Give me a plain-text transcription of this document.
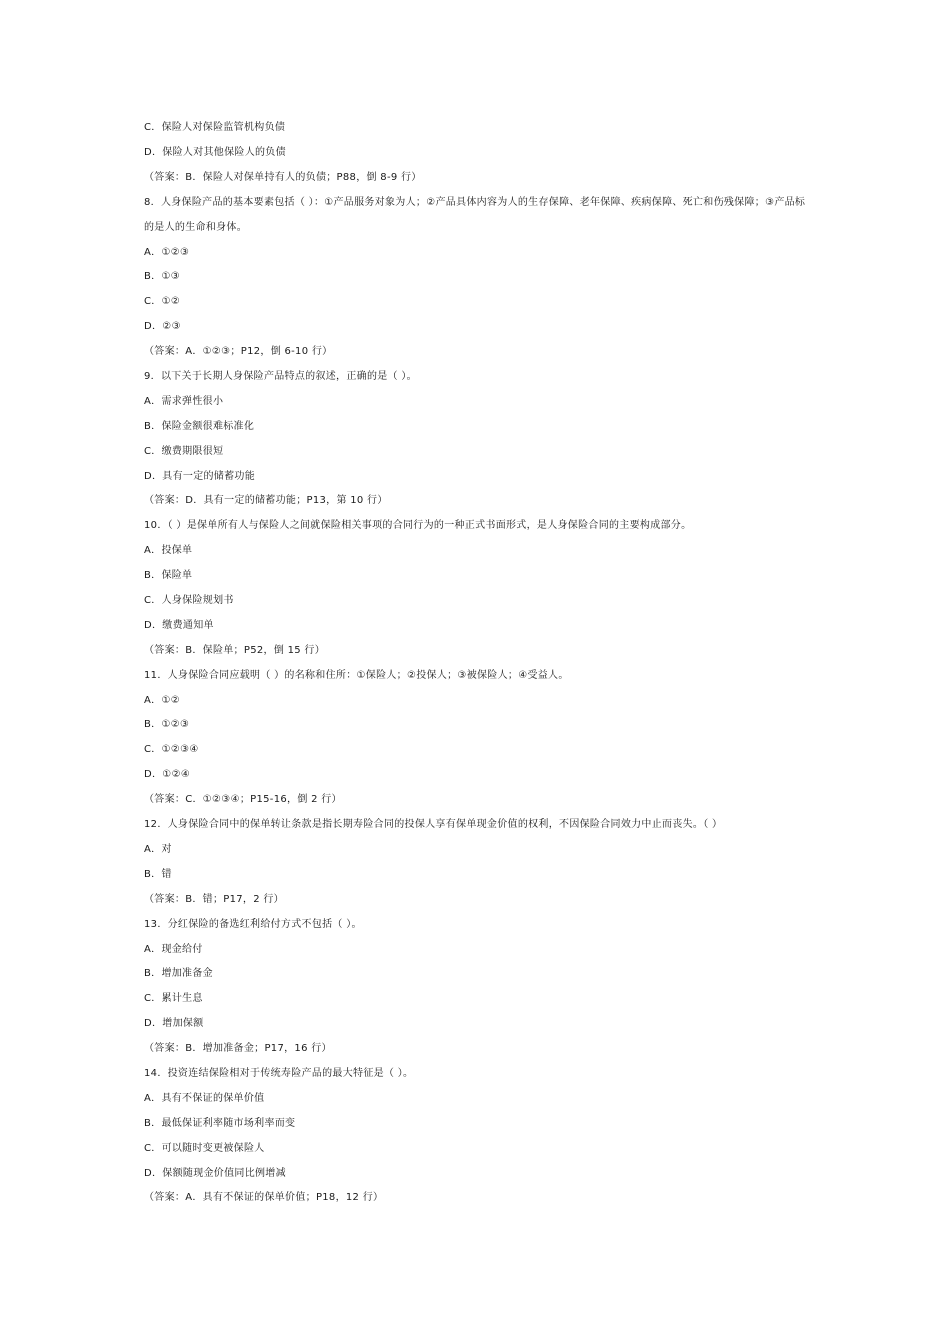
C．保险人对保险监管机构负债
D．保险人对其他保险人的负债
（答案：B．保险人对保单持有人的负债；P88，倒 8-9 行）
8．人身保险产品的基本要素包括（ ）：①产品服务对象为人；②产品具体内容为人的生存保障、老年保障、疾病保障、死亡和伤残保障；③产品标的是人的生命和身体。
A．①②③
B．①③
C．①②
D．②③
（答案：A．①②③；P12，倒 6-10 行）
9．以下关于长期人身保险产品特点的叙述，正确的是（ ）。
A．需求弹性很小
B．保险金额很难标准化
C．缴费期限很短
D．具有一定的储蓄功能
（答案：D．具有一定的储蓄功能；P13，第 10 行）
10．（ ）是保单所有人与保险人之间就保险相关事项的合同行为的一种正式书面形式，是人身保险合同的主要构成部分。
A．投保单
B．保险单
C．人身保险规划书
D．缴费通知单
（答案：B．保险单；P52，倒 15 行）
11．人身保险合同应载明（ ）的名称和住所：①保险人；②投保人；③被保险人；④受益人。
A．①②
B．①②③
C．①②③④
D．①②④
（答案：C．①②③④；P15-16，倒 2 行）
12．人身保险合同中的保单转让条款是指长期寿险合同的投保人享有保单现金价值的权利，不因保险合同效力中止而丧失。（ ）
A．对
B．错
（答案：B．错；P17，2 行）
13．分红保险的备选红利给付方式不包括（ ）。
A．现金给付
B．增加准备金
C．累计生息
D．增加保额
（答案：B．增加准备金；P17，16 行）
14．投资连结保险相对于传统寿险产品的最大特征是（ ）。
A．具有不保证的保单价值
B．最低保证利率随市场利率而变
C．可以随时变更被保险人
D．保额随现金价值同比例增减
（答案：A．具有不保证的保单价值；P18，12 行）
